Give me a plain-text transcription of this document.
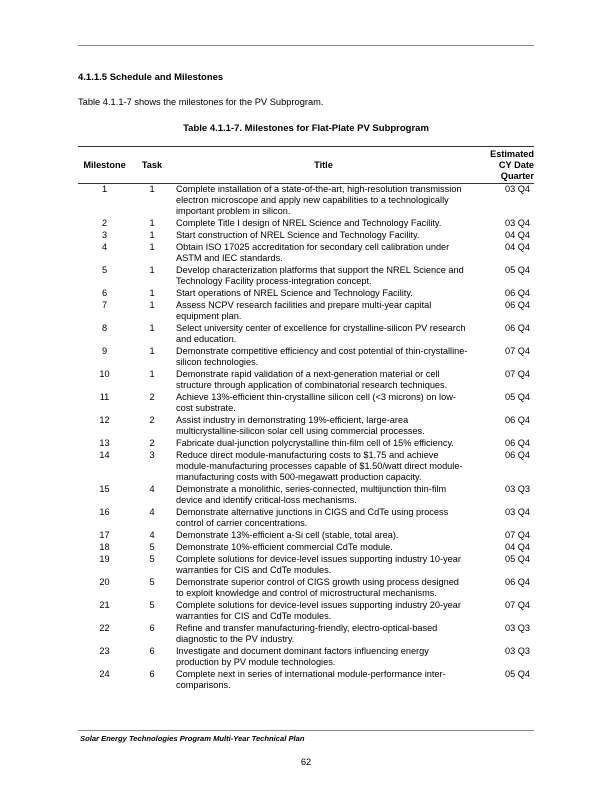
4.1.1.5 Schedule and Milestones
Table 4.1.1-7 shows the milestones for the PV Subprogram.
Table 4.1.1-7. Milestones for Flat-Plate PV Subprogram
Milestone	Task	Title	Estimated
CY Date
Quarter

1	1	Complete installation of a state-of-the-art, high-resolution transmission electron microscope and apply new capabilities to a technologically important problem in silicon.	03 Q4
2	1	Complete Title I design of NREL Science and Technology Facility.	03 Q4
3	1	Start construction of NREL Science and Technology Facility.	04 Q4
4	1	Obtain ISO 17025 accreditation for secondary cell calibration under ASTM and IEC standards.	04 Q4
5	1	Develop characterization platforms that support the NREL Science and Technology Facility process-integration concept.	05 Q4
6	1	Start operations of NREL Science and Technology Facility.	06 Q4
7	1	Assess NCPV research facilities and prepare multi-year capital equipment plan.	06 Q4
8	1	Select university center of excellence for crystalline-silicon PV research and education.	06 Q4
9	1	Demonstrate competitive efficiency and cost potential of thin-crystalline-silicon technologies.	07 Q4
10	1	Demonstrate rapid validation of a next-generation material or cell structure through application of combinatorial research techniques.	07 Q4
11	2	Achieve 13%-efficient thin-crystalline silicon cell (<3 microns) on low-cost substrate.	05 Q4
12	2	Assist industry in demonstrating 19%-efficient, large-area multicrystalline-silicon solar cell using commercial processes.	06 Q4
13	2	Fabricate dual-junction polycrystalline thin-film cell of 15% efficiency.	06 Q4
14	3	Reduce direct module-manufacturing costs to $1.75 and achieve module-manufacturing processes capable of $1.50/watt direct module-manufacturing costs with 500-megawatt production capacity.	06 Q4
15	4	Demonstrate a monolithic, series-connected, multijunction thin-film device and identify critical-loss mechanisms.	03 Q3
16	4	Demonstrate alternative junctions in CIGS and CdTe using process control of carrier concentrations.	03 Q4
17	4	Demonstrate 13%-efficient a-Si cell (stable, total area).	07 Q4
18	5	Demonstrate 10%-efficient commercial CdTe module.	04 Q4
19	5	Complete solutions for device-level issues supporting industry 10-year warranties for CIS and CdTe modules.	05 Q4
20	5	Demonstrate superior control of CIGS growth using process designed to exploit knowledge and control of microstructural mechanisms.	06 Q4
21	5	Complete solutions for device-level issues supporting industry 20-year warranties for CIS and CdTe modules.	07 Q4
22	6	Refine and transfer manufacturing-friendly, electro-optical-based diagnostic to the PV industry.	03 Q3
23	6	Investigate and document dominant factors influencing energy production by PV module technologies.	03 Q3
24	6	Complete next in series of international module-performance inter-comparisons.	05 Q4
Solar Energy Technologies Program Multi-Year Technical Plan
62
